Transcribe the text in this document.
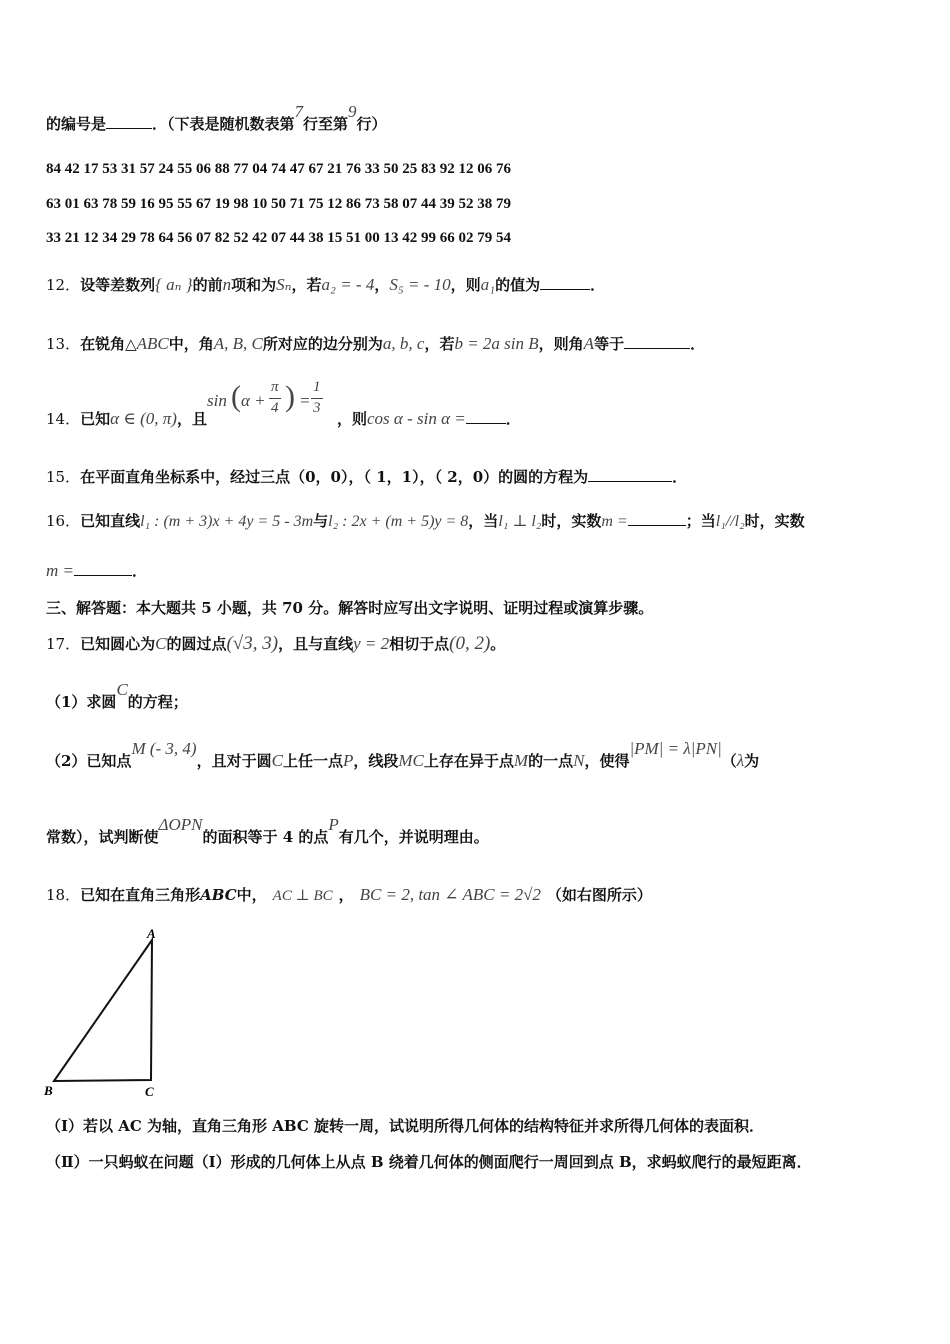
的编号是	．（下表是随机数表第7行至第9行）
84 42 17 53 31 57 24 55 06 88 77 04 74 47 67 21 76 33 50 25 83 92 12 06 76
63 01 63 78 59 16 95 55 67 19 98 10 50 71 75 12 86 73 58 07 44 39 52 38 79
33 21 12 34 29 78 64 56 07 82 52 42 07 44 38 15 51 00 13 42 99 66 02 79 54
12．设等差数列{ aₙ }的前n项和为Sₙ，若a₂ = - 4，S₅ = - 10，则a₁的值为	．
13．在锐角△ABC中，角A, B, C所对应的边分别为a, b, c，若b = 2a sin B，则角A等于	．
14．已知α ∈ (0, π)，且
sin ( α +
π
4 ) =
1
3
，则cos α - sin α =	．
15．在平面直角坐标系中，经过三点（0，0），（ 1，1），（ 2，0）的圆的方程为	．
16．已知直线l₁ : (m + 3)x + 4y = 5 - 3m与l₂ : 2x + (m + 5)y = 8，当l₁ ⊥ l₂时，实数m =	；当l₁//l₂时，实数
m =	．
三、解答题：本大题共 5 小题，共 70 分。解答时应写出文字说明、证明过程或演算步骤。
17．已知圆心为C的圆过点(√3, 3)，且与直线y = 2相切于点(0, 2)。
（1）求圆C的方程；
（2）已知点M (- 3, 4)，且对于圆C上任一点P，线段MC上存在异于点M的一点N，使得|PM| = λ|PN|（λ为
常数），试判断使ΔOPN的面积等于 4 的点P有几个，并说明理由。
18．已知在直角三角形ABC中， AC ⊥ BC ， BC = 2, tan ∠ ABC = 2√2 （如右图所示）
A
B	C
（Ⅰ）若以 AC 为轴，直角三角形 ABC 旋转一周，试说明所得几何体的结构特征并求所得几何体的表面积．
（Ⅱ）一只蚂蚁在问题（Ⅰ）形成的几何体上从点 B 绕着几何体的侧面爬行一周回到点 B，求蚂蚁爬行的最短距离．
